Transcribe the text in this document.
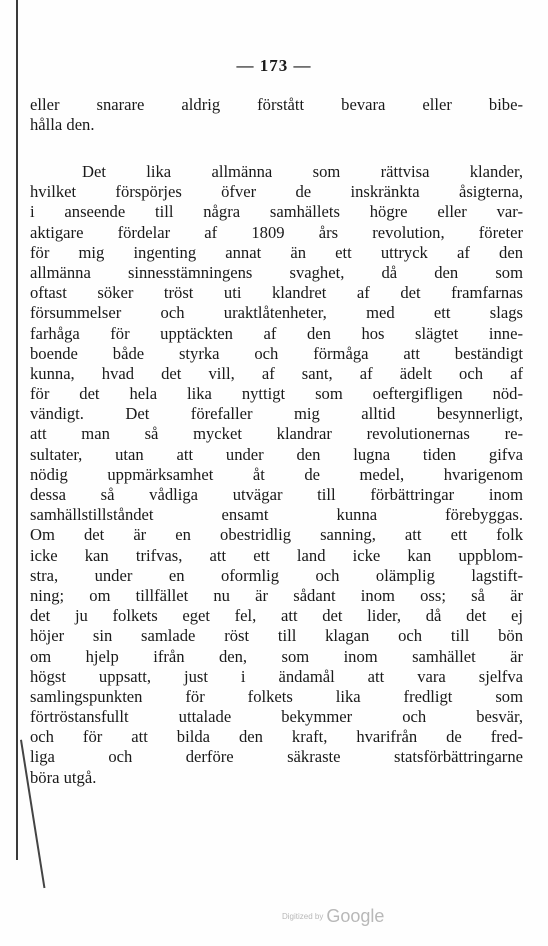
— 173 —
eller snarare aldrig förstått bevara eller bibe-
hålla den.
Det lika allmänna som rättvisa klander,
hvilket förspörjes öfver de inskränkta åsigterna,
i anseende till några samhällets högre eller var-
aktigare fördelar af 1809 års revolution, företer
för mig ingenting annat än ett uttryck af den
allmänna sinnesstämningens svaghet, då den som
oftast söker tröst uti klandret af det framfarnas
försummelser och uraktlåtenheter, med ett slags
farhåga för upptäckten af den hos slägtet inne-
boende både styrka och förmåga att beständigt
kunna, hvad det vill, af sant, af ädelt och af
för det hela lika nyttigt som oeftergifligen nöd-
vändigt. Det förefaller mig alltid besynnerligt,
att man så mycket klandrar revolutionernas re-
sultater, utan att under den lugna tiden gifva
nödig uppmärksamhet åt de medel, hvarigenom
dessa så vådliga utvägar till förbättringar inom
samhällstillståndet ensamt kunna förebyggas.
Om det är en obestridlig sanning, att ett folk
icke kan trifvas, att ett land icke kan uppblom-
stra, under en oformlig och olämplig lagstift-
ning; om tillfället nu är sådant inom oss; så är
det ju folkets eget fel, att det lider, då det ej
höjer sin samlade röst till klagan och till bön
om hjelp ifrån den, som inom samhället är
högst uppsatt, just i ändamål att vara sjelfva
samlingspunkten för folkets lika fredligt som
förtröstansfullt uttalade bekymmer och besvär,
och för att bilda den kraft, hvarifrån de fred-
liga och derföre säkraste statsförbättringarne
böra utgå.
Digitized by Google
